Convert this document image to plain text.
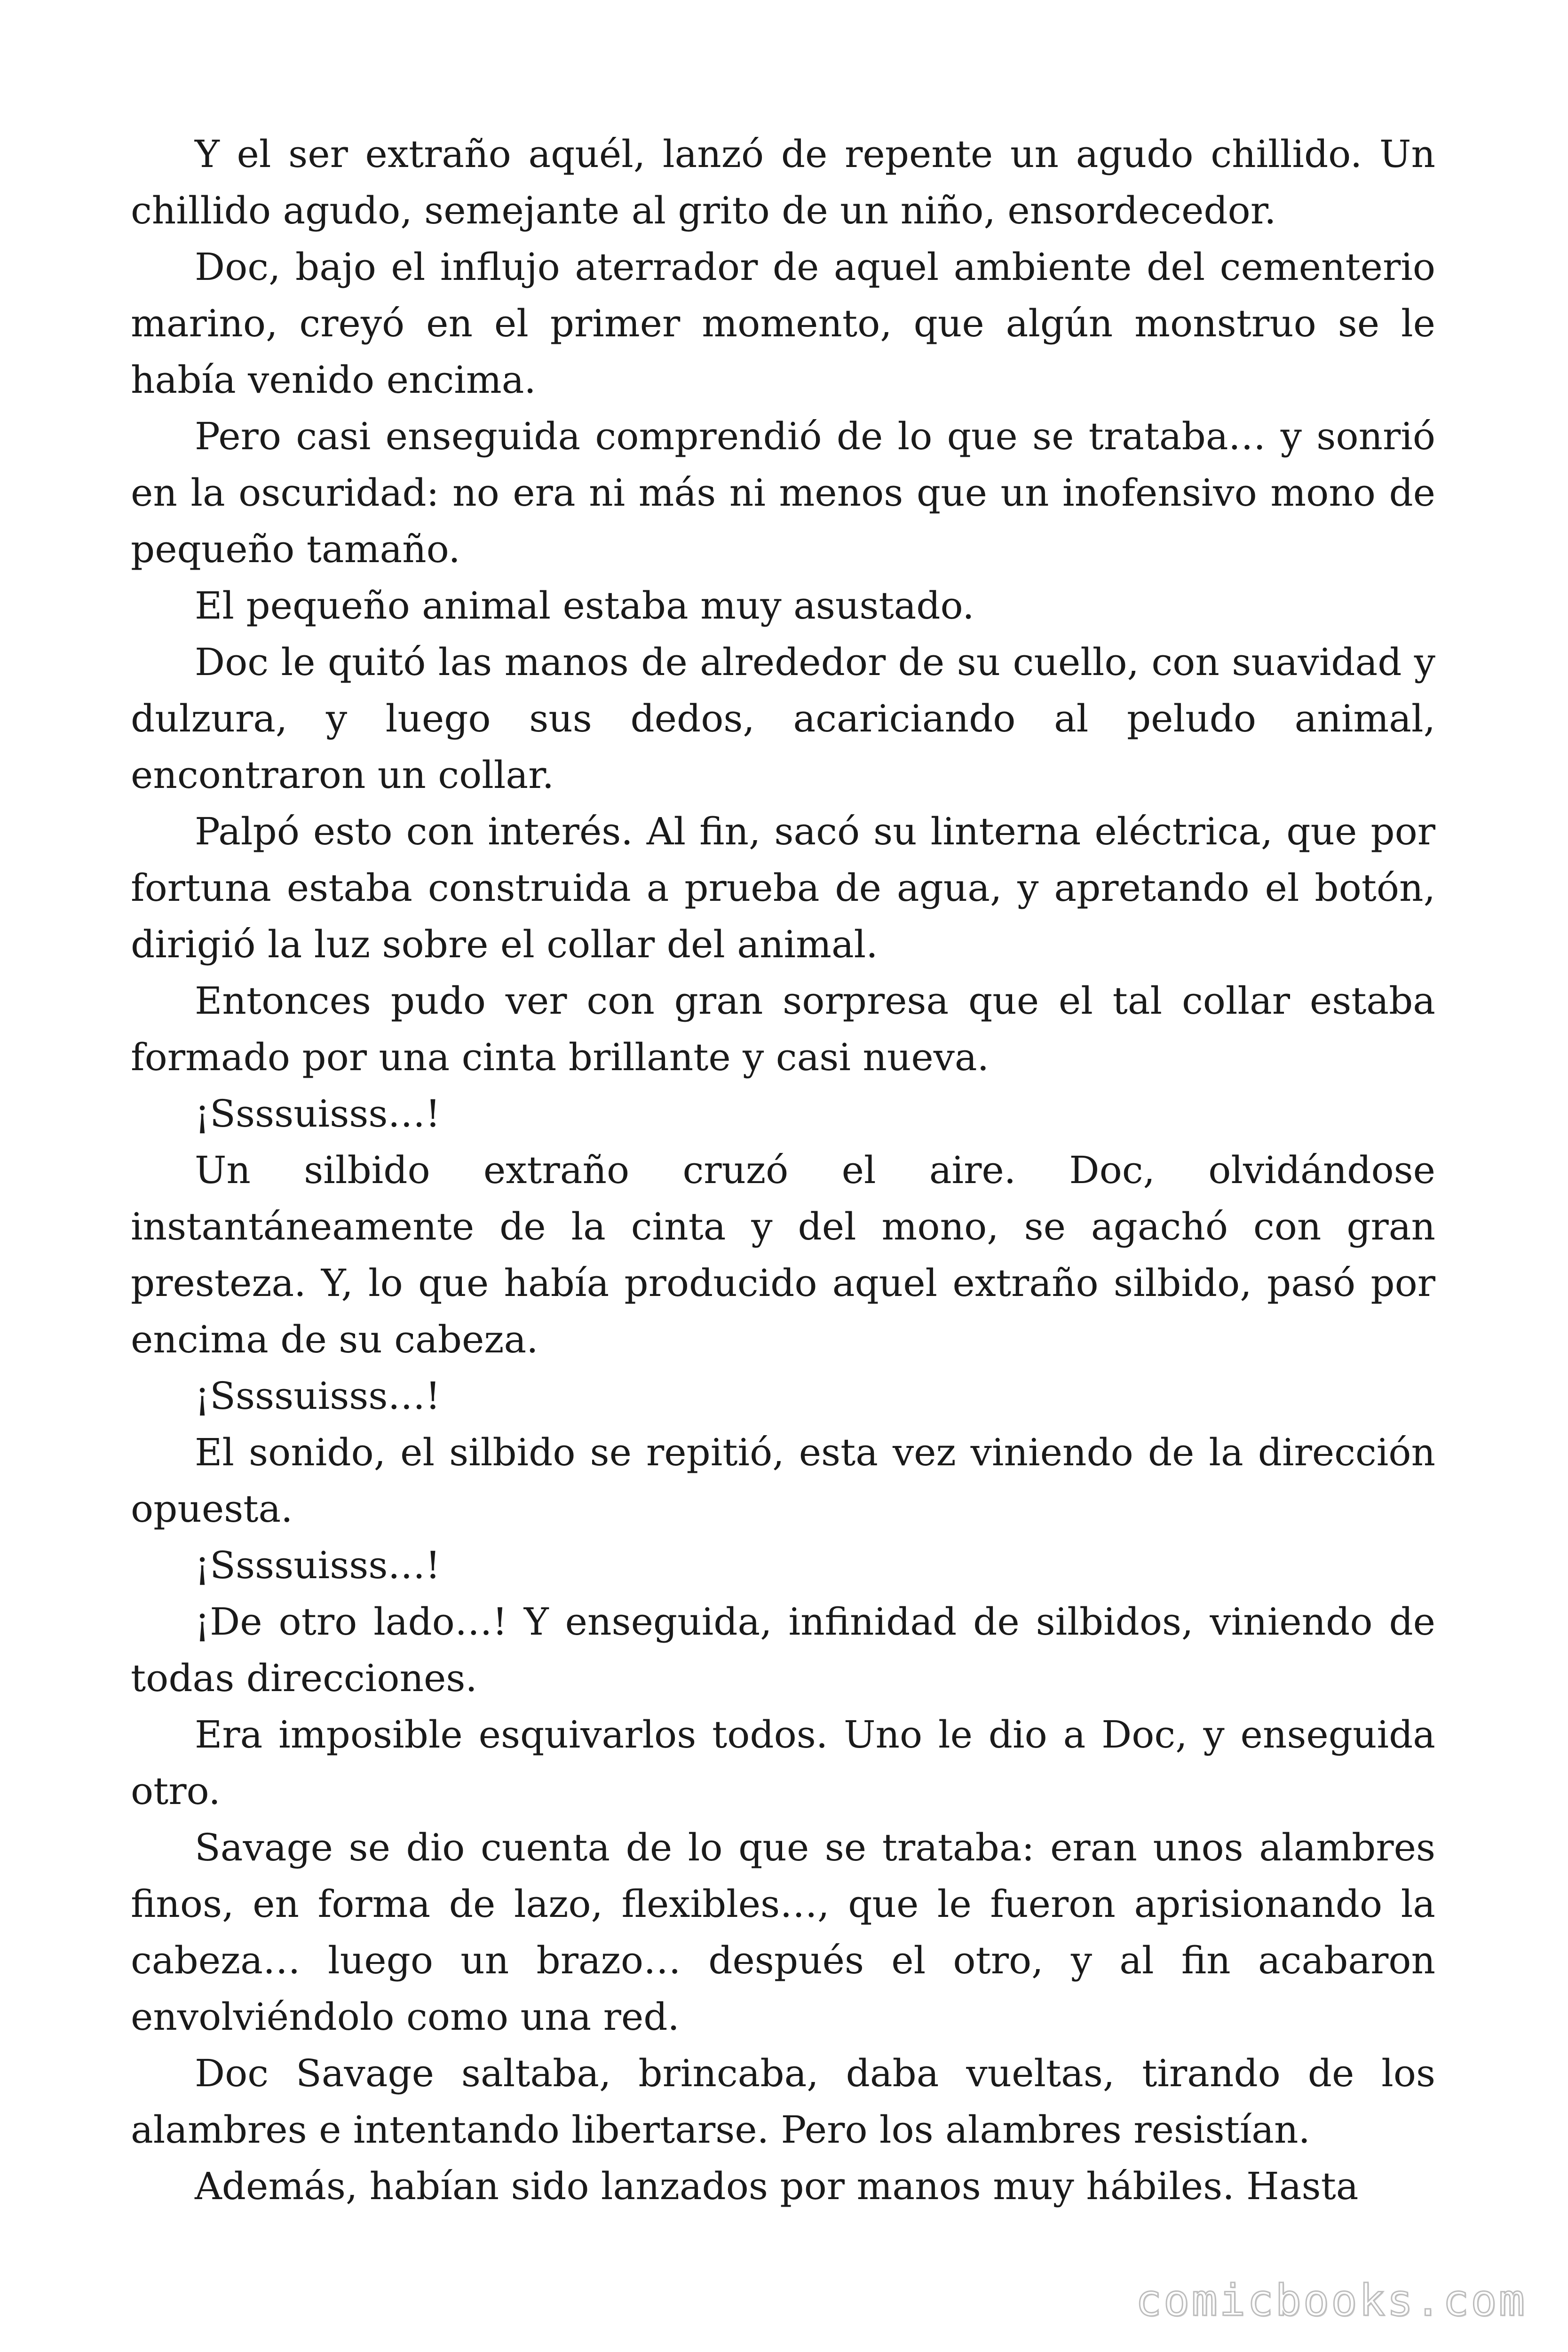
Y el ser extraño aquél, lanzó de repente un agudo chillido. Un chillido agudo, semejante al grito de un niño, ensordecedor.

Doc, bajo el influjo aterrador de aquel ambiente del cementerio marino, creyó en el primer momento, que algún monstruo se le había venido encima.

Pero casi enseguida comprendió de lo que se trataba… y sonrió en la oscuridad: no era ni más ni menos que un inofensivo mono de pequeño tamaño.

El pequeño animal estaba muy asustado.

Doc le quitó las manos de alrededor de su cuello, con suavidad y dulzura, y luego sus dedos, acariciando al peludo animal, encontraron un collar.

Palpó esto con interés. Al fin, sacó su linterna eléctrica, que por fortuna estaba construida a prueba de agua, y apretando el botón, dirigió la luz sobre el collar del animal.

Entonces pudo ver con gran sorpresa que el tal collar estaba formado por una cinta brillante y casi nueva.

¡Ssssuisss…!

Un silbido extraño cruzó el aire. Doc, olvidándose instantáneamente de la cinta y del mono, se agachó con gran presteza. Y, lo que había producido aquel extraño silbido, pasó por encima de su cabeza.

¡Ssssuisss…!

El sonido, el silbido se repitió, esta vez viniendo de la dirección opuesta.

¡Ssssuisss…!

¡De otro lado…! Y enseguida, infinidad de silbidos, viniendo de todas direcciones.

Era imposible esquivarlos todos. Uno le dio a Doc, y enseguida otro.

Savage se dio cuenta de lo que se trataba: eran unos alambres finos, en forma de lazo, flexibles…, que le fueron aprisionando la cabeza… luego un brazo… después el otro, y al fin acabaron envolviéndolo como una red.

Doc Savage saltaba, brincaba, daba vueltas, tirando de los alambres e intentando libertarse. Pero los alambres resistían.

Además, habían sido lanzados por manos muy hábiles. Hasta

comicbooks.com
